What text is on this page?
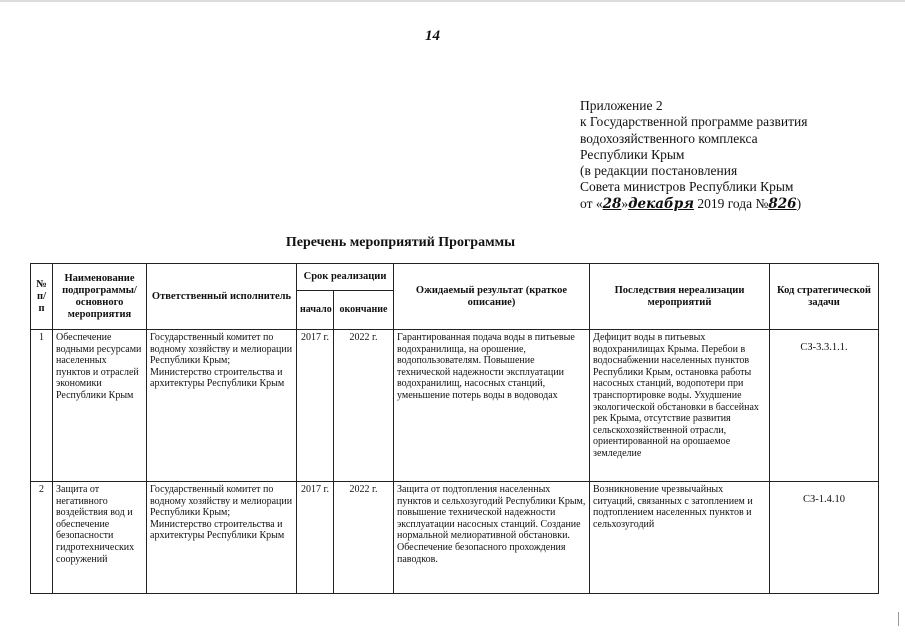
14
Приложение 2
к Государственной программе развития
водохозяйственного комплекса
Республики Крым
(в редакции постановления
Совета министров Республики Крым
от «28»декабря 2019 года №826)
Перечень мероприятий Программы
№ п/п	Наименование подпрограммы/ основного мероприятия	Ответственный исполнитель	Срок реализации		Ожидаемый результат (краткое описание)	Последствия нереализации мероприятий	Код стратегической задачи
			начало	окончание			
1	Обеспечение водными ресурсами населенных пунктов и отраслей экономики Республики Крым	Государственный комитет по водному хозяйству и мелиорации Республики Крым;
Министерство строительства и архитектуры Республики Крым	2017 г.	2022 г.	Гарантированная подача воды в питьевые водохранилища, на орошение, водопользователям. Повышение технической надежности эксплуатации водохранилищ, насосных станций, уменьшение потерь воды в водоводах	Дефицит воды в питьевых водохранилищах Крыма. Перебои в водоснабжении населенных пунктов Республики Крым, остановка работы насосных станций, водопотери при транспортировке воды. Ухудшение экологической обстановки в бассейнах рек Крыма, отсутствие развития сельскохозяйственной отрасли, ориентированной на орошаемое земледелие	СЗ-3.3.1.1.
2	Защита от негативного воздействия вод и обеспечение безопасности гидротехнических сооружений	Государственный комитет по водному хозяйству и мелиорации Республики Крым;
Министерство строительства и архитектуры Республики Крым	2017 г.	2022 г.	Защита от подтопления населенных пунктов и сельхозугодий Республики Крым, повышение технической надежности эксплуатации насосных станций. Создание нормальной мелиоративной обстановки.
Обеспечение безопасного прохождения паводков.	Возникновение чрезвычайных ситуаций, связанных с затоплением и подтоплением населенных пунктов и сельхозугодий	СЗ-1.4.10
